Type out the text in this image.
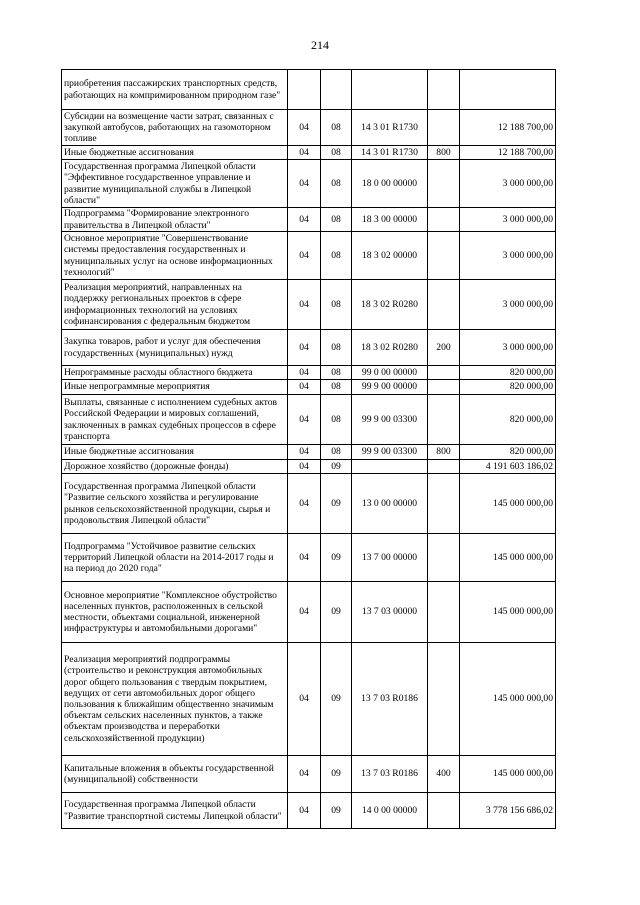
214
приобретения пассажирских транспортных средств, работающих на компримированном природном газе"					
Субсидии на возмещение части затрат, связанных с закупкой автобусов, работающих на газомоторном топливе	04	08	14 3 01 R1730		12 188 700,00
Иные бюджетные ассигнования	04	08	14 3 01 R1730	800	12 188 700,00
Государственная программа Липецкой области "Эффективное государственное управление и развитие муниципальной службы в Липецкой области"	04	08	18 0 00 00000		3 000 000,00
Подпрограмма "Формирование электронного правительства в Липецкой области"	04	08	18 3 00 00000		3 000 000,00
Основное мероприятие "Совершенствование системы предоставления государственных и муниципальных услуг на основе информационных технологий"	04	08	18 3 02 00000		3 000 000,00
Реализация мероприятий, направленных на поддержку региональных проектов в сфере информационных технологий на условиях софинансирования с федеральным бюджетом	04	08	18 3 02 R0280		3 000 000,00
Закупка товаров, работ и услуг для обеспечения государственных (муниципальных) нужд	04	08	18 3 02 R0280	200	3 000 000,00
Непрограммные расходы областного бюджета	04	08	99 0 00 00000		820 000,00
Иные непрограммные мероприятия	04	08	99 9 00 00000		820 000,00
Выплаты, связанные с исполнением судебных актов Российской Федерации и мировых соглашений, заключенных в рамках судебных процессов в сфере транспорта	04	08	99 9 00 03300		820 000,00
Иные бюджетные ассигнования	04	08	99 9 00 03300	800	820 000,00
Дорожное хозяйство (дорожные фонды)	04	09			4 191 603 186,02
Государственная программа Липецкой области "Развитие сельского хозяйства и регулирование рынков сельскохозяйственной продукции, сырья и продовольствия Липецкой области"	04	09	13 0 00 00000		145 000 000,00
Подпрограмма "Устойчивое развитие сельских территорий Липецкой области на 2014-2017 годы и на период до 2020 года"	04	09	13 7 00 00000		145 000 000,00
Основное мероприятие "Комплексное обустройство населенных пунктов, расположенных в сельской местности, объектами социальной, инженерной инфраструктуры и автомобильными дорогами"	04	09	13 7 03 00000		145 000 000,00
Реализация мероприятий подпрограммы (строительство и реконструкция автомобильных дорог общего пользования с твердым покрытием, ведущих от сети автомобильных дорог общего пользования к ближайшим общественно значимым объектам сельских населенных пунктов, а также объектам производства и переработки сельскохозяйственной продукции)	04	09	13 7 03 R0186		145 000 000,00
Капитальные вложения в объекты государственной (муниципальной) собственности	04	09	13 7 03 R0186	400	145 000 000,00
Государственная программа Липецкой области "Развитие транспортной системы Липецкой области"	04	09	14 0 00 00000		3 778 156 686,02
